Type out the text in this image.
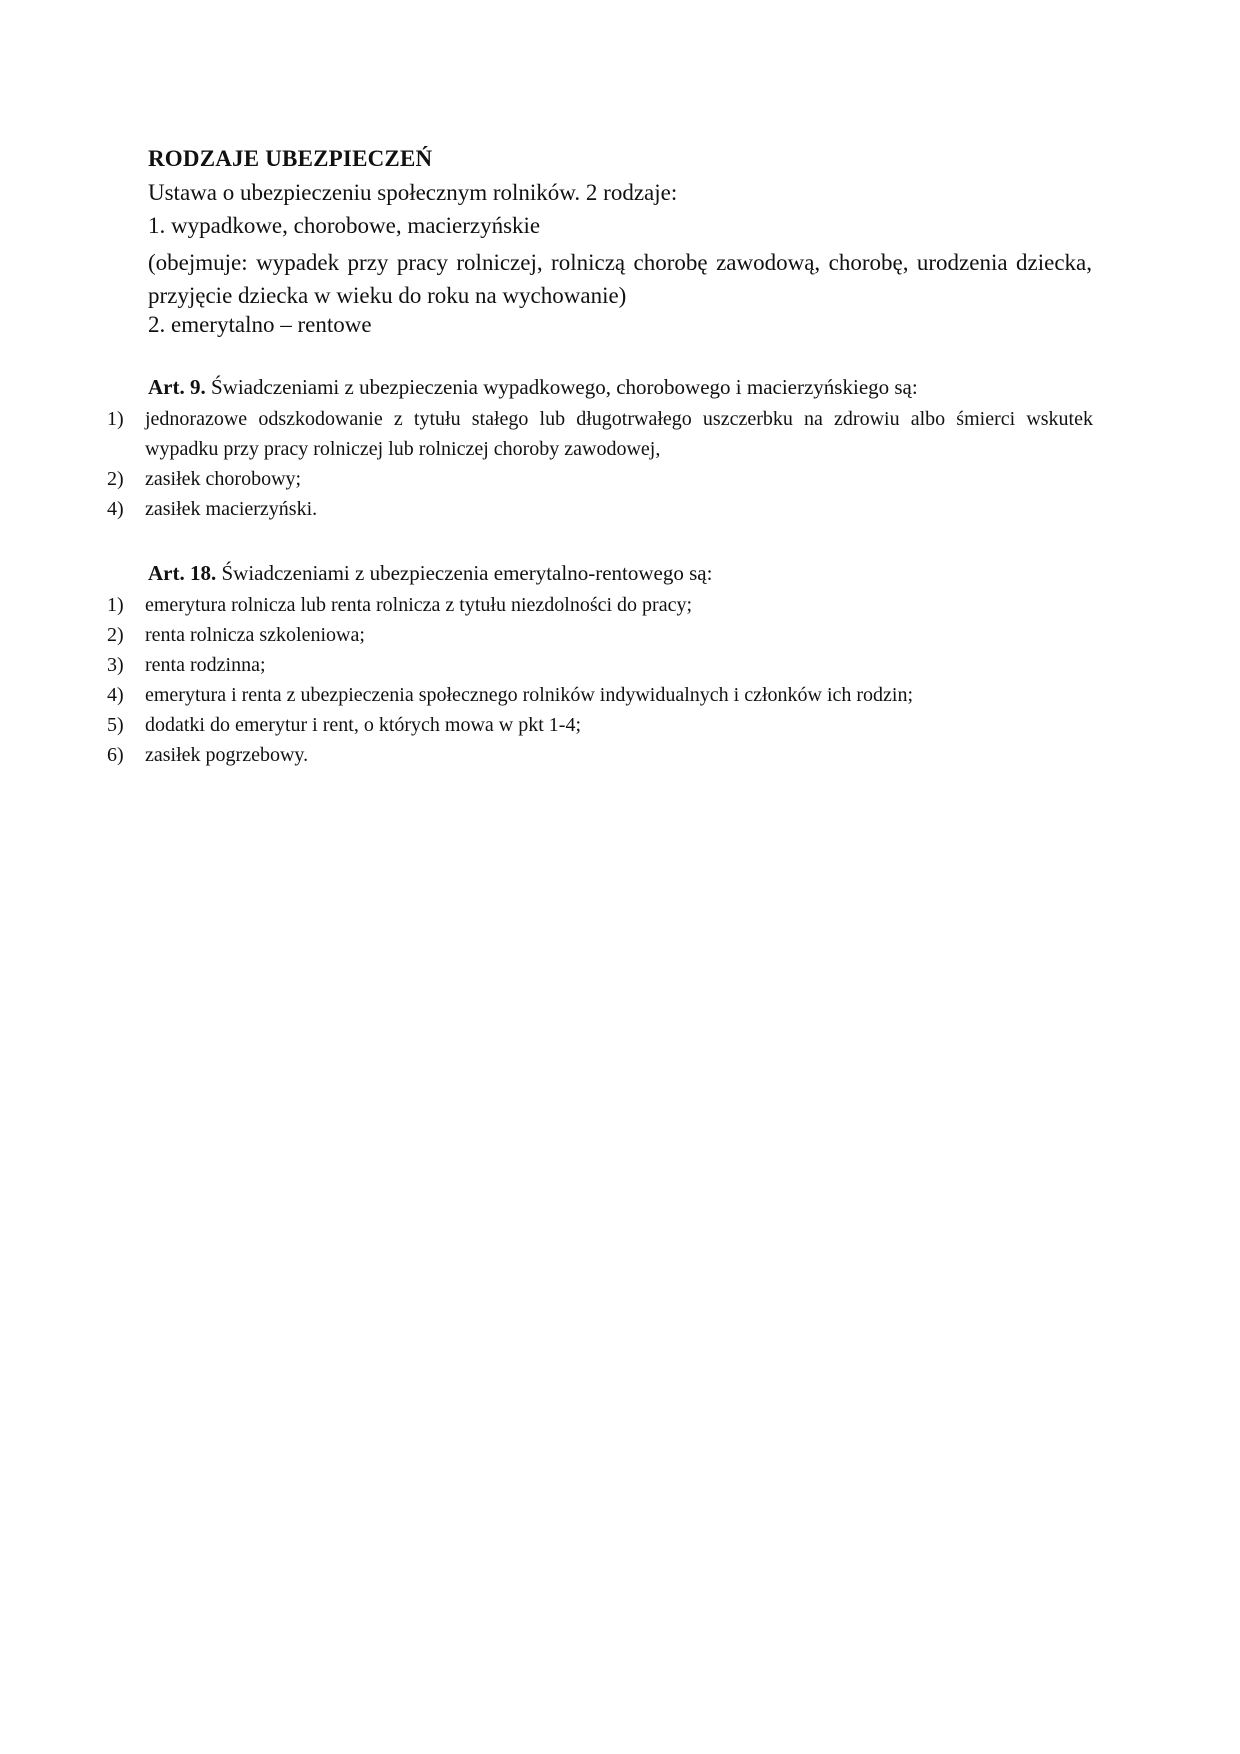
RODZAJE UBEZPIECZEŃ

Ustawa o ubezpieczeniu społecznym rolników. 2 rodzaje:

1. wypadkowe, chorobowe, macierzyńskie

(obejmuje: wypadek przy pracy rolniczej, rolniczą chorobę zawodową, chorobę, urodzenia dziecka, przyjęcie dziecka w wieku do roku na wychowanie)

2. emerytalno – rentowe

Art. 9. Świadczeniami z ubezpieczenia wypadkowego, chorobowego i macierzyńskiego są:

1) jednorazowe odszkodowanie z tytułu stałego lub długotrwałego uszczerbku na zdrowiu albo śmierci wskutek wypadku przy pracy rolniczej lub rolniczej choroby zawodowej,
2) zasiłek chorobowy;
4) zasiłek macierzyński.

Art. 18. Świadczeniami z ubezpieczenia emerytalno-rentowego są:

1) emerytura rolnicza lub renta rolnicza z tytułu niezdolności do pracy;
2) renta rolnicza szkoleniowa;
3) renta rodzinna;
4) emerytura i renta z ubezpieczenia społecznego rolników indywidualnych i członków ich rodzin;
5) dodatki do emerytur i rent, o których mowa w pkt 1-4;
6) zasiłek pogrzebowy.
